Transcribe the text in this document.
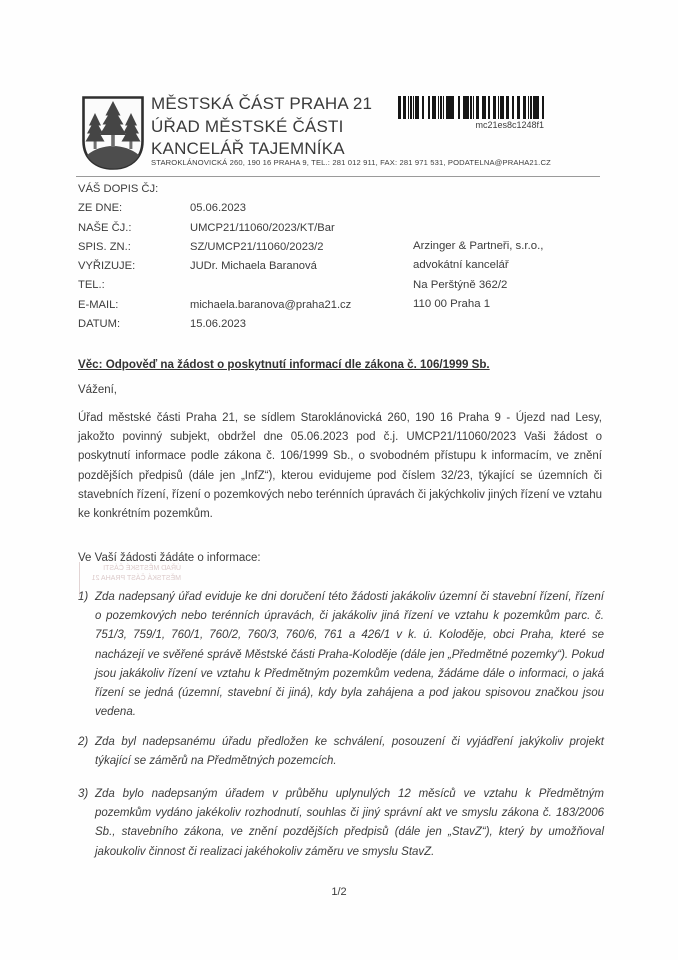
MĚSTSKÁ ČÁST PRAHA 21
ÚŘAD MĚSTSKÉ ČÁSTI
KANCELÁŘ TAJEMNÍKA
STAROKLÁNOVICKÁ 260, 190 16 PRAHA 9, TEL.: 281 012 911, FAX: 281 971 531, PODATELNA@PRAHA21.CZ
mc21es8c1248f1
VÁŠ DOPIS ČJ:
ZE DNE:	05.06.2023
NAŠE ČJ.:	UMCP21/11060/2023/KT/Bar
SPIS. ZN.:	SZ/UMCP21/11060/2023/2
VYŘIZUJE:	JUDr. Michaela Baranová
TEL.:
E-MAIL:	michaela.baranova@praha21.cz
DATUM:	15.06.2023
Arzinger & Partneři, s.r.o.,
advokátní kancelář
Na Perštýně 362/2
110 00 Praha 1
Věc: Odpověď na žádost o poskytnutí informací dle zákona č. 106/1999 Sb.
Vážení,
Úřad městské části Praha 21, se sídlem Staroklánovická 260, 190 16 Praha 9 - Újezd nad Lesy, jakožto povinný subjekt, obdržel dne 05.06.2023 pod č.j. UMCP21/11060/2023 Vaši žádost o poskytnutí informace podle zákona č. 106/1999 Sb., o svobodném přístupu k informacím, ve znění pozdějších předpisů (dále jen „InfZ“), kterou evidujeme pod číslem 32/23, týkající se územních či stavebních řízení, řízení o pozemkových nebo terénních úpravách či jakýchkoliv jiných řízení ve vztahu ke konkrétním pozemkům.
Ve Vaší žádosti žádáte o informace:
ÚŘAD MĚSTSKÉ ČÁSTI
MĚSTSKÁ ČÁST PRAHA 21
1) Zda nadepsaný úřad eviduje ke dni doručení této žádosti jakákoliv územní či stavební řízení, řízení o pozemkových nebo terénních úpravách, či jakákoliv jiná řízení ve vztahu k pozemkům parc. č. 751/3, 759/1, 760/1, 760/2, 760/3, 760/6, 761 a 426/1 v k. ú. Koloděje, obci Praha, které se nacházejí ve svěřené správě Městské části Praha-Koloděje (dále jen „Předmětné pozemky“). Pokud jsou jakákoliv řízení ve vztahu k Předmětným pozemkům vedena, žádáme dále o informaci, o jaká řízení se jedná (územní, stavební či jiná), kdy byla zahájena a pod jakou spisovou značkou jsou vedena.
2) Zda byl nadepsanému úřadu předložen ke schválení, posouzení či vyjádření jakýkoliv projekt týkající se záměrů na Předmětných pozemcích.
3) Zda bylo nadepsaným úřadem v průběhu uplynulých 12 měsíců ve vztahu k Předmětným pozemkům vydáno jakékoliv rozhodnutí, souhlas či jiný správní akt ve smyslu zákona č. 183/2006 Sb., stavebního zákona, ve znění pozdějších předpisů (dále jen „StavZ“), který by umožňoval jakoukoliv činnost či realizaci jakéhokoliv záměru ve smyslu StavZ.
1/2
